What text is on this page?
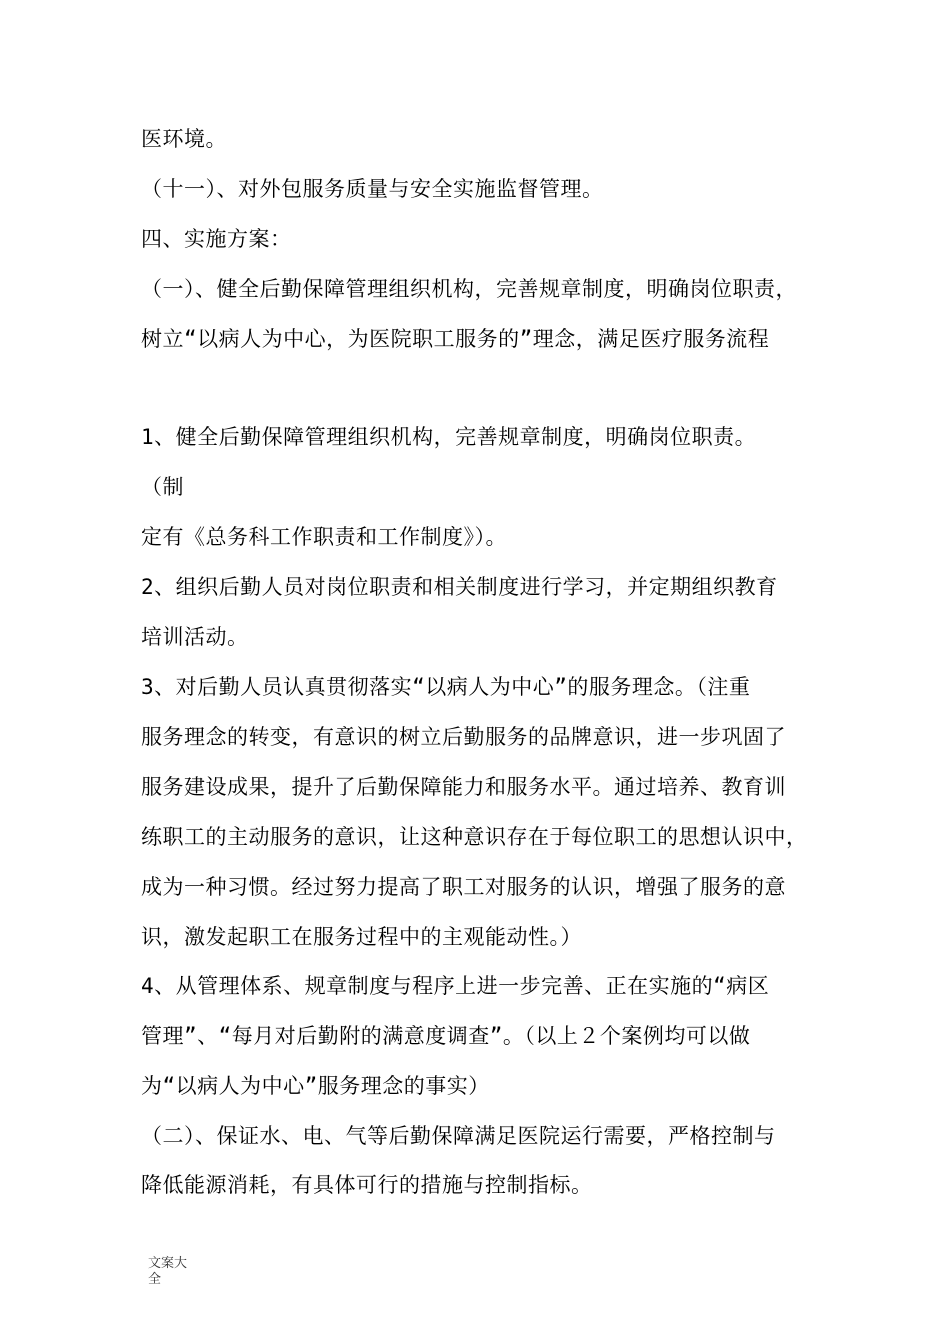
医环境。
（十一）、对外包服务质量与安全实施监督管理。
四、实施方案：
（一）、健全后勤保障管理组织机构，完善规章制度，明确岗位职责，
树立“以病人为中心，为医院职工服务的”理念，满足医疗服务流程
1、健全后勤保障管理组织机构，完善规章制度，明确岗位职责。
（制
定有《总务科工作职责和工作制度》）。
2、组织后勤人员对岗位职责和相关制度进行学习，并定期组织教育
培训活动。
3、对后勤人员认真贯彻落实“以病人为中心”的服务理念。（注重
服务理念的转变，有意识的树立后勤服务的品牌意识，进一步巩固了
服务建设成果，提升了后勤保障能力和服务水平。通过培养、教育训
练职工的主动服务的意识，让这种意识存在于每位职工的思想认识中，
成为一种习惯。经过努力提高了职工对服务的认识，增强了服务的意
识，激发起职工在服务过程中的主观能动性。）
4、从管理体系、规章制度与程序上进一步完善、正在实施的“病区
管理”、“每月对后勤附的满意度调查”。（以上２个案例均可以做
为“以病人为中心”服务理念的事实）
（二）、保证水、电、气等后勤保障满足医院运行需要，严格控制与
降低能源消耗，有具体可行的措施与控制指标。
文案大全
